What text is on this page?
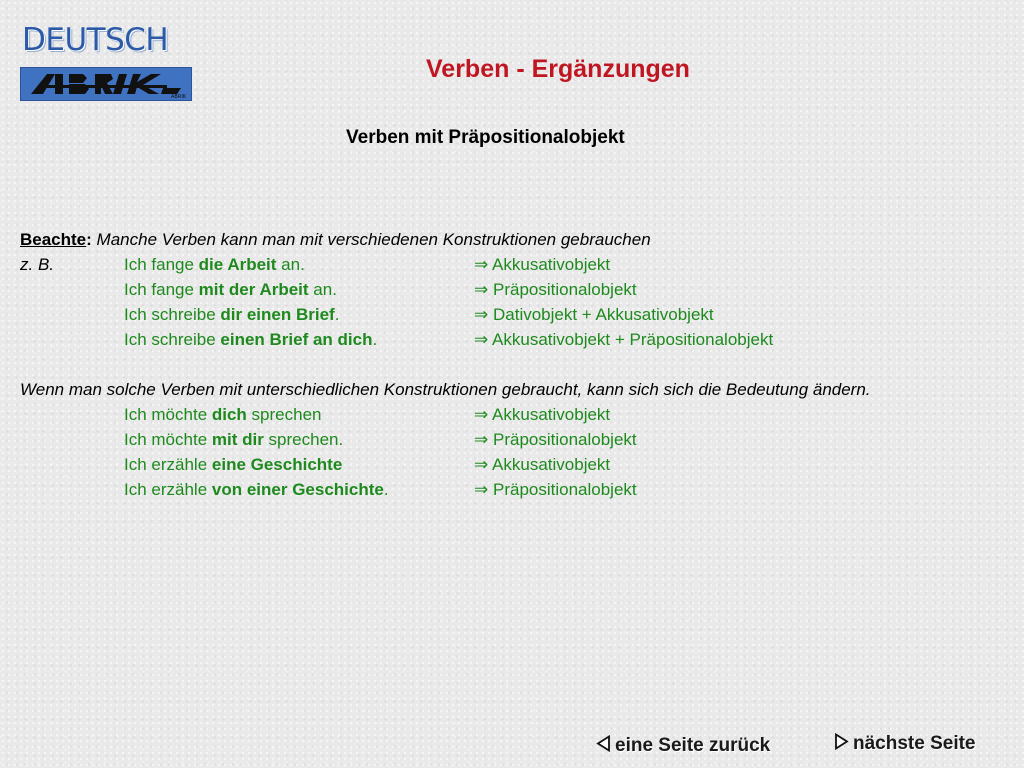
DEUTSCH
ABRIK
Verben - Ergänzungen
Verben mit Präpositionalobjekt
Beachte: Manche Verben kann man mit verschiedenen Konstruktionen gebrauchen
z. B.	Ich fange die Arbeit an.	⇒ Akkusativobjekt
Ich fange mit der Arbeit an.	⇒ Präpositionalobjekt
Ich schreibe dir einen Brief.	⇒ Dativobjekt + Akkusativobjekt
Ich schreibe einen Brief an dich.	⇒ Akkusativobjekt + Präpositionalobjekt
Wenn man solche Verben mit unterschiedlichen Konstruktionen gebraucht, kann sich sich die Bedeutung ändern.
Ich möchte dich sprechen	⇒ Akkusativobjekt
Ich möchte mit dir sprechen.	⇒ Präpositionalobjekt
Ich erzähle eine Geschichte	⇒ Akkusativobjekt
Ich erzähle von einer Geschichte.	⇒ Präpositionalobjekt
eine Seite zurück	nächste Seite
